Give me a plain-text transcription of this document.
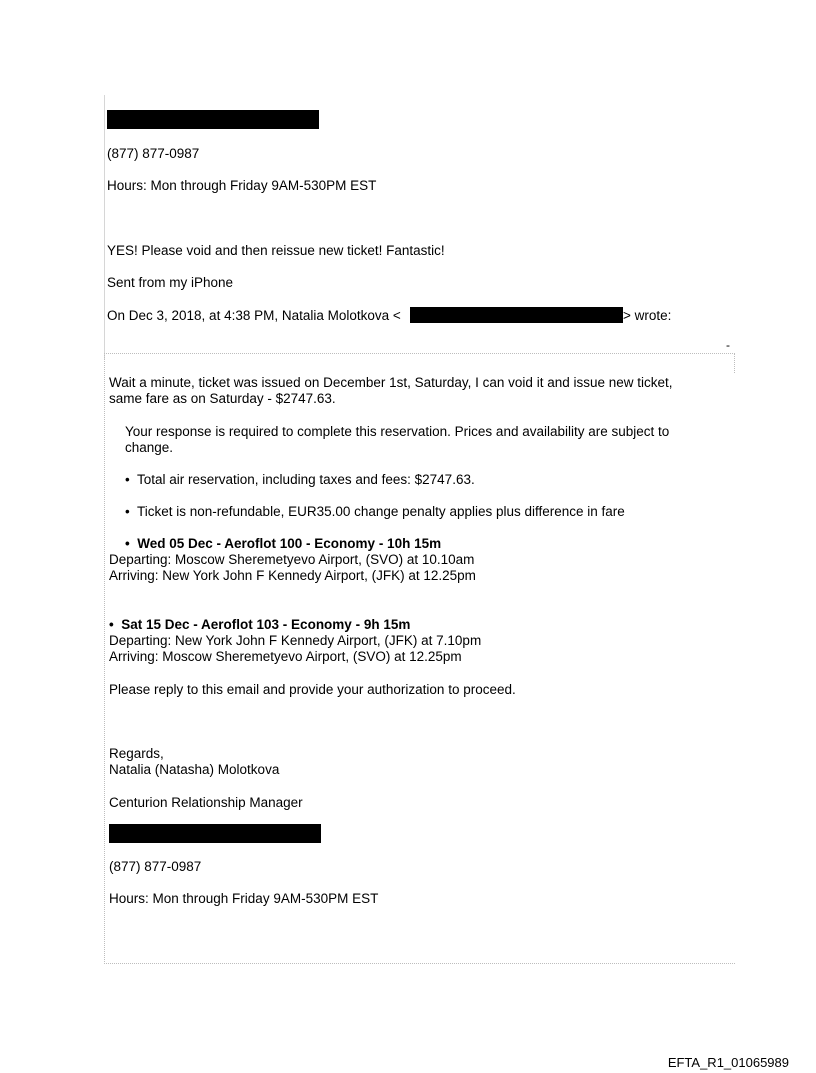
(877) 877-0987
Hours: Mon through Friday 9AM-530PM EST
YES! Please void and then reissue new ticket! Fantastic!
Sent from my iPhone
On Dec 3, 2018, at 4:38 PM, Natalia Molotkova <	> wrote:
-
Wait a minute, ticket was issued on December 1st, Saturday, I can void it and issue new ticket,
same fare as on Saturday - $2747.63.
Your response is required to complete this reservation. Prices and availability are subject to
change.
• Total air reservation, including taxes and fees: $2747.63.
• Ticket is non-refundable, EUR35.00 change penalty applies plus difference in fare
• Wed 05 Dec - Aeroflot 100 - Economy - 10h 15m
Departing: Moscow Sheremetyevo Airport, (SVO) at 10.10am
Arriving: New York John F Kennedy Airport, (JFK) at 12.25pm
• Sat 15 Dec - Aeroflot 103 - Economy - 9h 15m
Departing: New York John F Kennedy Airport, (JFK) at 7.10pm
Arriving: Moscow Sheremetyevo Airport, (SVO) at 12.25pm
Please reply to this email and provide your authorization to proceed.
Regards,
Natalia (Natasha) Molotkova
Centurion Relationship Manager
(877) 877-0987
Hours: Mon through Friday 9AM-530PM EST
EFTA_R1_01065989
